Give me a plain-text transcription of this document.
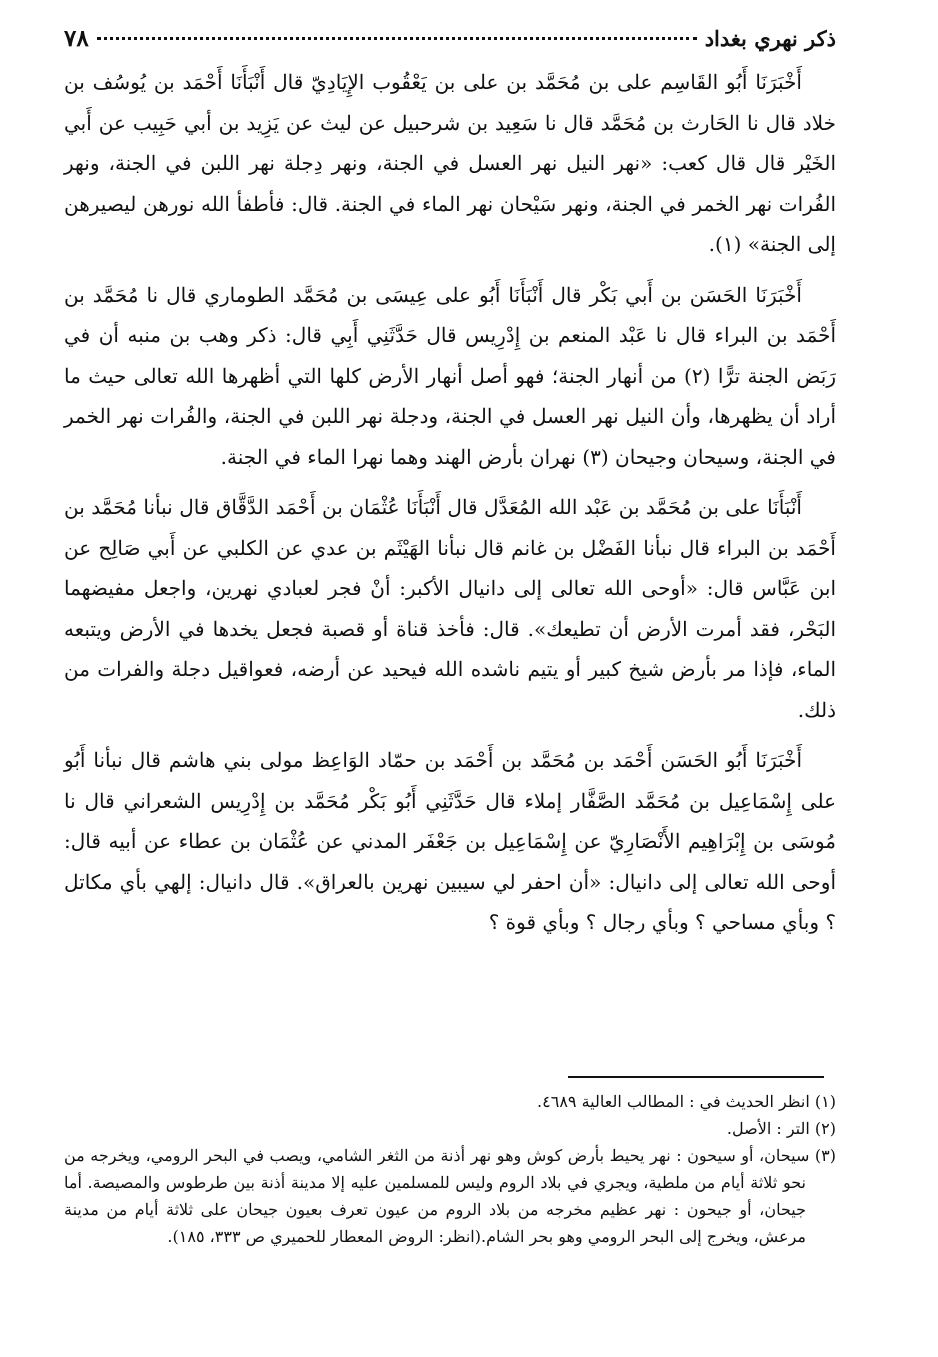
٧٨	ذكر نهري بغداد

أَخْبَرَنَا أَبُو القَاسِم على بن مُحَمَّد بن على بن يَعْقُوب الإِيَادِيّ قال أَنْبَأَنَا أَحْمَد بن يُوسُف بن خلاد قال نا الحَارث بن مُحَمَّد قال نا سَعِيد بن شرحبيل عن ليث عن يَزِيد بن أبي حَبِيب عن أَبي الخَيْر قال قال كعب: «نهر النيل نهر العسل في الجنة، ونهر دِجلة نهر اللبن في الجنة، ونهر الفُرات نهر الخمر في الجنة، ونهر سَيْحان نهر الماء في الجنة. قال: فأطفأ الله نورهن ليصيرهن إلى الجنة» (١).

أَخْبَرَنَا الحَسَن بن أَبي بَكْر قال أَنْبَأَنَا أَبُو على عِيسَى بن مُحَمَّد الطوماري قال نا مُحَمَّد بن أَحْمَد بن البراء قال نا عَبْد المنعم بن إِدْرِيس قال حَدَّثَنِي أَبِي قال: ذكر وهب بن منبه أن في رَبَض الجنة ترًّا (٢) من أنهار الجنة؛ فهو أصل أنهار الأرض كلها التي أظهرها الله تعالى حيث ما أراد أن يظهرها، وأن النيل نهر العسل في الجنة، ودجلة نهر اللبن في الجنة، والفُرات نهر الخمر في الجنة، وسيحان وجيحان (٣) نهران بأرض الهند وهما نهرا الماء في الجنة.

أَنْبَأَنَا على بن مُحَمَّد بن عَبْد الله المُعَدَّل قال أَنْبَأَنَا عُثْمَان بن أَحْمَد الدَّقَّاق قال نبأنا مُحَمَّد بن أَحْمَد بن البراء قال نبأنا الفَضْل بن غانم قال نبأنا الهَيْثَم بن عدي عن الكلبي عن أَبي صَالِح عن ابن عَبَّاس قال: «أوحى الله تعالى إلى دانيال الأكبر: أنْ فجر لعبادي نهرين، واجعل مفيضهما البَحْر، فقد أمرت الأرض أن تطيعك». قال: فأخذ قناة أو قصبة فجعل يخدها في الأرض ويتبعه الماء، فإذا مر بأرض شيخ كبير أو يتيم ناشده الله فيحيد عن أرضه، فعواقيل دجلة والفرات من ذلك.

أَخْبَرَنَا أَبُو الحَسَن أَحْمَد بن مُحَمَّد بن أَحْمَد بن حمّاد الوَاعِظ مولى بني هاشم قال نبأنا أَبُو على إِسْمَاعِيل بن مُحَمَّد الصَّفَّار إملاء قال حَدَّثَنِي أَبُو بَكْر مُحَمَّد بن إِدْرِيس الشعراني قال نا مُوسَى بن إِبْرَاهِيم الأَنْصَارِيّ عن إِسْمَاعِيل بن جَعْفَر المدني عن عُثْمَان بن عطاء عن أبيه قال: أوحى الله تعالى إلى دانيال: «أن احفر لي سيبين نهرين بالعراق». قال دانيال: إلهي بأي مكاتل ؟ وبأي مساحي ؟ وبأي رجال ؟ وبأي قوة ؟

(١) انظر الحديث في : المطالب العالية ٤٦٨٩.

(٢) التر : الأصل.

(٣) سيحان، أو سيحون : نهر يحيط بأرض كوش وهو نهر أذنة من الثغر الشامي، ويصب في البحر الرومي، ويخرجه من نحو ثلاثة أيام من ملطية، ويجري في بلاد الروم وليس للمسلمين عليه إلا مدينة أذنة بين طرطوس والمصيصة. أما جيحان، أو جيحون : نهر عظيم مخرجه من بلاد الروم من عيون تعرف بعيون جيحان على ثلاثة أيام من مدينة مرعش، ويخرج إلى البحر الرومي وهو بحر الشام.(انظر: الروض المعطار للحميري ص ٣٣٣، ١٨٥).
